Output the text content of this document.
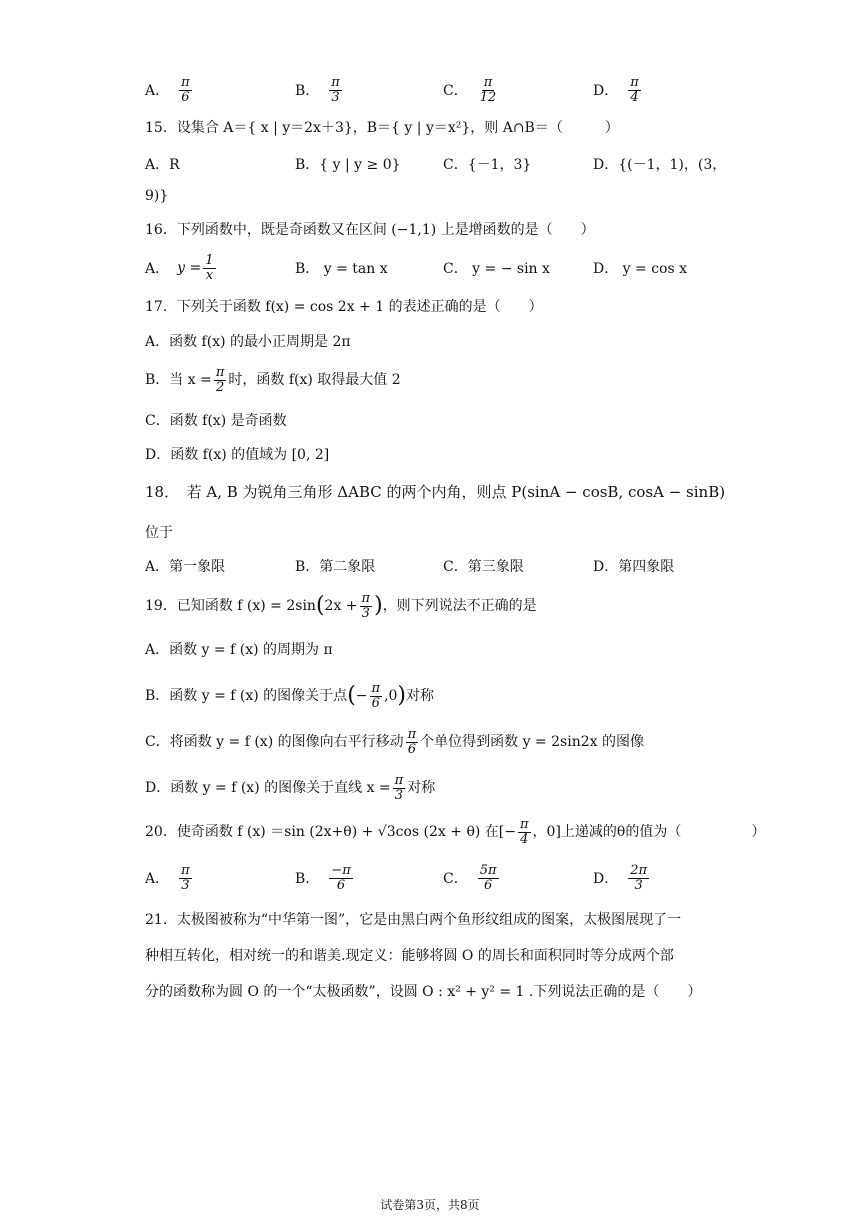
A． $\frac{\pi}{6}$	B． $\frac{\pi}{3}$	C． $\frac{\pi}{12}$	D． $\frac{\pi}{4}$
15．设集合 A＝{ x | y＝2x＋3}，B＝{ y | y＝x²}，则 A∩B＝（　　　）
A．R	B．{ y | y ≥ 0}	C．{－1，3}	D．{(－1，1)，(3，
9)}
16．下列函数中，既是奇函数又在区间 (−1,1) 上是增函数的是（　　）
A． $y = \frac{1}{x}$	B． y = tan x	C． y = − sin x	D． y = cos x
17．下列关于函数 f(x) = cos 2x + 1 的表述正确的是（　　）
A．函数 f(x) 的最小正周期是 2π
B．当 $x = \frac{\pi}{2}$ 时，函数 f(x) 取得最大值 2
C．函数 f(x) 是奇函数
D．函数 f(x) 的值域为 [0, 2]
18．　若 A, B 为锐角三角形 ΔABC 的两个内角，则点 P(sinA − cosB, cosA − sinB)
位于
A．第一象限	B．第二象限	C．第三象限	D．第四象限
19．已知函数 f (x) = 2sin ( $2x + \frac{\pi}{3}$ ) ，则下列说法不正确的是
A．函数 y = f (x) 的周期为 π
B．函数 y = f (x) 的图像关于点 ( − $\frac{\pi}{6} ,0$ ) 对称
C．将函数 y = f (x) 的图像向右平行移动 $\frac{\pi}{6}$ 个单位得到函数 y = 2sin2x 的图像
D．函数 y = f (x) 的图像关于直线 $x = \frac{\pi}{3}$ 对称
20．使奇函数 f (x) ＝sin (2x+θ) + √3cos (2x + θ) 在[− $\frac{\pi}{4}$ ，0]上递减的θ的值为（　　　　　）
A． $\frac{\pi}{3}$	B． $\frac{-\pi}{6}$	C． $\frac{5\pi}{6}$	D． $\frac{2\pi}{3}$
21．太极图被称为“中华第一图”，它是由黑白两个鱼形纹组成的图案，太极图展现了一
种相互转化，相对统一的和谐美.现定义：能够将圆 O 的周长和面积同时等分成两个部
分的函数称为圆 O 的一个“太极函数”，设圆 O : x² + y² = 1 .下列说法正确的是（　　）
试卷第3页，共8页
